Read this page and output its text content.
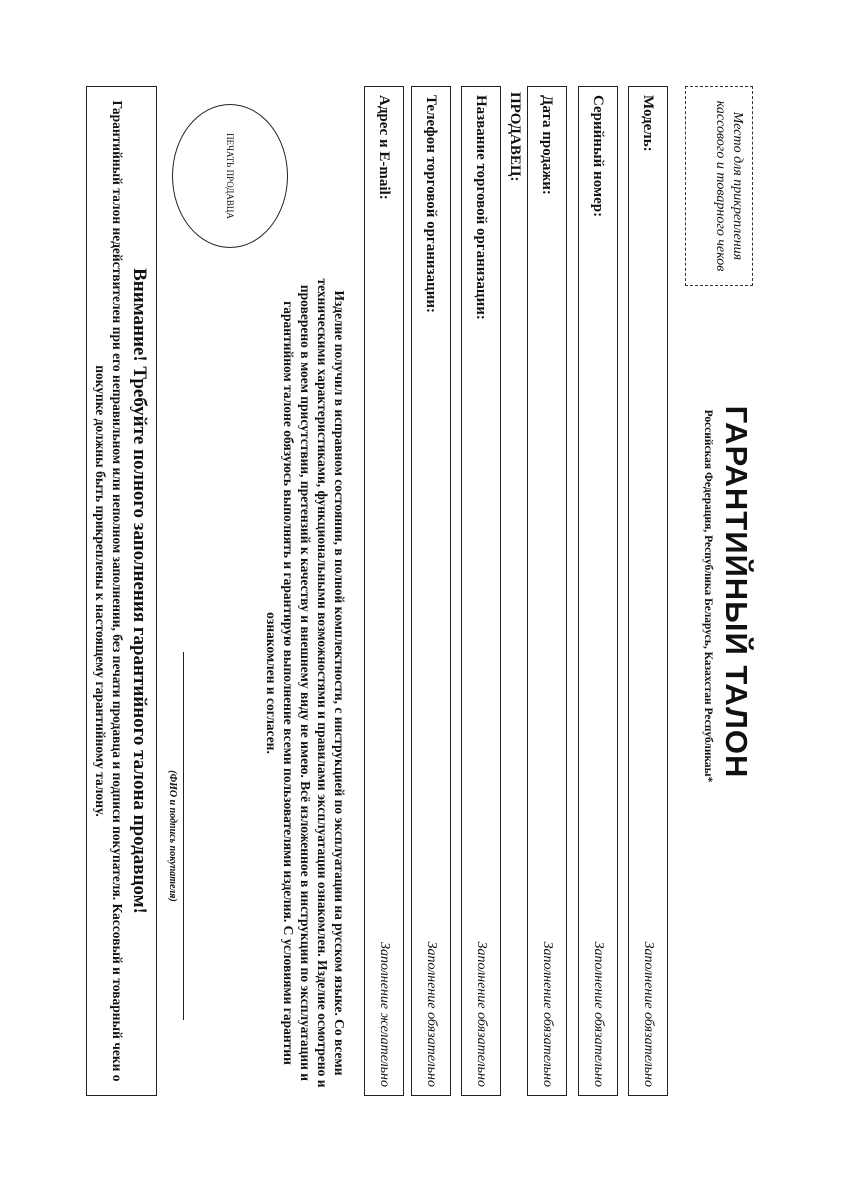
Место для прикрепления кассового и товарного чеков
ГАРАНТИЙНЫЙ ТАЛОН
Российская Федерация, Республика Беларусь, Казахстан Республикаы*
Модель:
Заполнение обязательно
Серийный номер:
Заполнение обязательно
Дата продажи:
Заполнение обязательно
ПРОДАВЕЦ:
Название торговой организации:
Заполнение обязательно
Телефон торговой организации:
Заполнение обязательно
Адрес и E-mail:
Заполнение желательно
ПЕЧАТЬ ПРОДАВЦА
Изделие получил в исправном состоянии, в полной комплектности, с инструкцией по эксплуатации на русском языке. Со всеми техническими характеристиками, функциональными возможностями и правилами эксплуатации ознакомлен. Изделие осмотрено и проверено в моем присутствии, претензий к качеству и внешнему виду не имею. Всё изложенное в инструкции по эксплуатации и гарантийном талоне обязуюсь выполнять и гарантирую выполнение всеми пользователями изделия. С условиями гарантии ознакомлен и согласен.
(ФИО и подпись покупателя)
Внимание! Требуйте полного заполнения гарантийного талона продавцом!
Гарантийный талон недействителен при его неправильном или неполном заполнении, без печати продавца и подписи покупателя. Кассовый и товарный чеки о покупке должны быть прикреплены к настоящему гарантийному талону.
